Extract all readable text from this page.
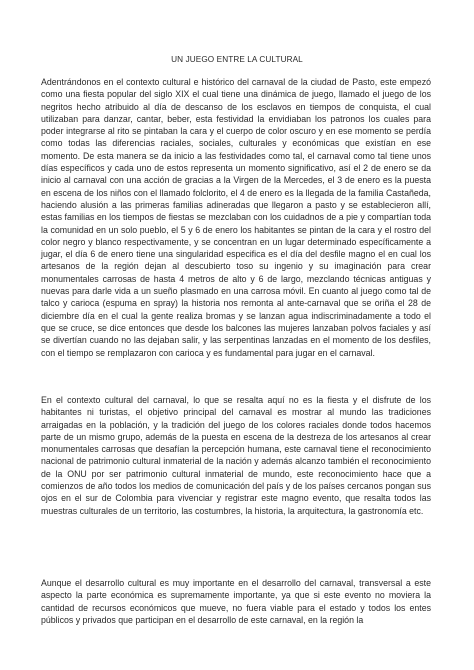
UN JUEGO ENTRE LA CULTURAL

Adentrándonos en el contexto cultural e histórico del carnaval de la ciudad de Pasto, este empezó como una fiesta popular del siglo XIX el cual tiene una dinámica de juego, llamado el juego de los negritos hecho atribuido al día de descanso de los esclavos en tiempos de conquista, el cual utilizaban para danzar, cantar, beber, esta festividad la envidiaban los patronos los cuales para poder integrarse al rito se pintaban la cara y el cuerpo de color oscuro y en ese momento se perdía como todas las diferencias raciales, sociales, culturales y económicas que existían en ese momento. De esta manera se da inicio a las festividades como tal, el carnaval como tal tiene unos días específicos y cada uno de estos representa un momento significativo, así el 2 de enero se da inicio al carnaval con una acción de gracias a la Virgen de la Mercedes, el 3 de enero es la puesta en escena de los niños con el llamado folclorito, el 4 de enero es la llegada de la familia Castañeda, haciendo alusión a las primeras familias adineradas que llegaron a pasto y se establecieron allí, estas familias en los tiempos de fiestas se mezclaban con los cuidadnos de a pie y compartían toda la comunidad en un solo pueblo, el 5 y 6 de enero los habitantes se pintan de la cara y el rostro del color negro y blanco respectivamente, y se concentran en un lugar determinado específicamente a jugar, el día 6 de enero tiene una singularidad especifica es el día del desfile magno el en cual los artesanos de la región dejan al descubierto toso su ingenio y su imaginación para crear monumentales carrosas de hasta 4 metros de alto y 6 de largo, mezclando técnicas antiguas y nuevas para darle vida a un sueño plasmado en una carrosa móvil. En cuanto al juego como tal de talco y carioca (espuma en spray) la historia nos remonta al ante-carnaval que se oriña el 28 de diciembre día en el cual la gente realiza bromas y se lanzan agua indiscriminadamente a todo el que se cruce, se dice entonces que desde los balcones las mujeres lanzaban polvos faciales y así se divertían cuando no las dejaban salir, y las serpentinas lanzadas en el momento de los desfiles, con el tiempo se remplazaron con carioca y es fundamental para jugar en el carnaval.

En el contexto cultural del carnaval, lo que se resalta aquí no es la fiesta y el disfrute de los habitantes ni turistas, el objetivo principal del carnaval es mostrar al mundo las tradiciones arraigadas en la población, y la tradición del juego de los colores raciales donde todos hacemos parte de un mismo grupo, además de la puesta en escena de la destreza de los artesanos al crear monumentales carrosas que desafían la percepción humana, este carnaval tiene el reconocimiento nacional de patrimonio cultural inmaterial de la nación y además alcanzo también el reconocimiento de la ONU por ser patrimonio cultural inmaterial de mundo, este reconocimiento hace que a comienzos de año todos los medios de comunicación del país y de los países cercanos pongan sus ojos en el sur de Colombia para vivenciar y registrar este magno evento, que resalta todos las muestras culturales de un territorio, las costumbres, la historia, la arquitectura, la gastronomía etc.

Aunque el desarrollo cultural es muy importante en el desarrollo del carnaval, transversal a este aspecto la parte económica es supremamente importante, ya que si este evento no moviera la cantidad de recursos económicos que mueve, no fuera viable para el estado y todos los entes públicos y privados que participan en el desarrollo de este carnaval, en la región la
